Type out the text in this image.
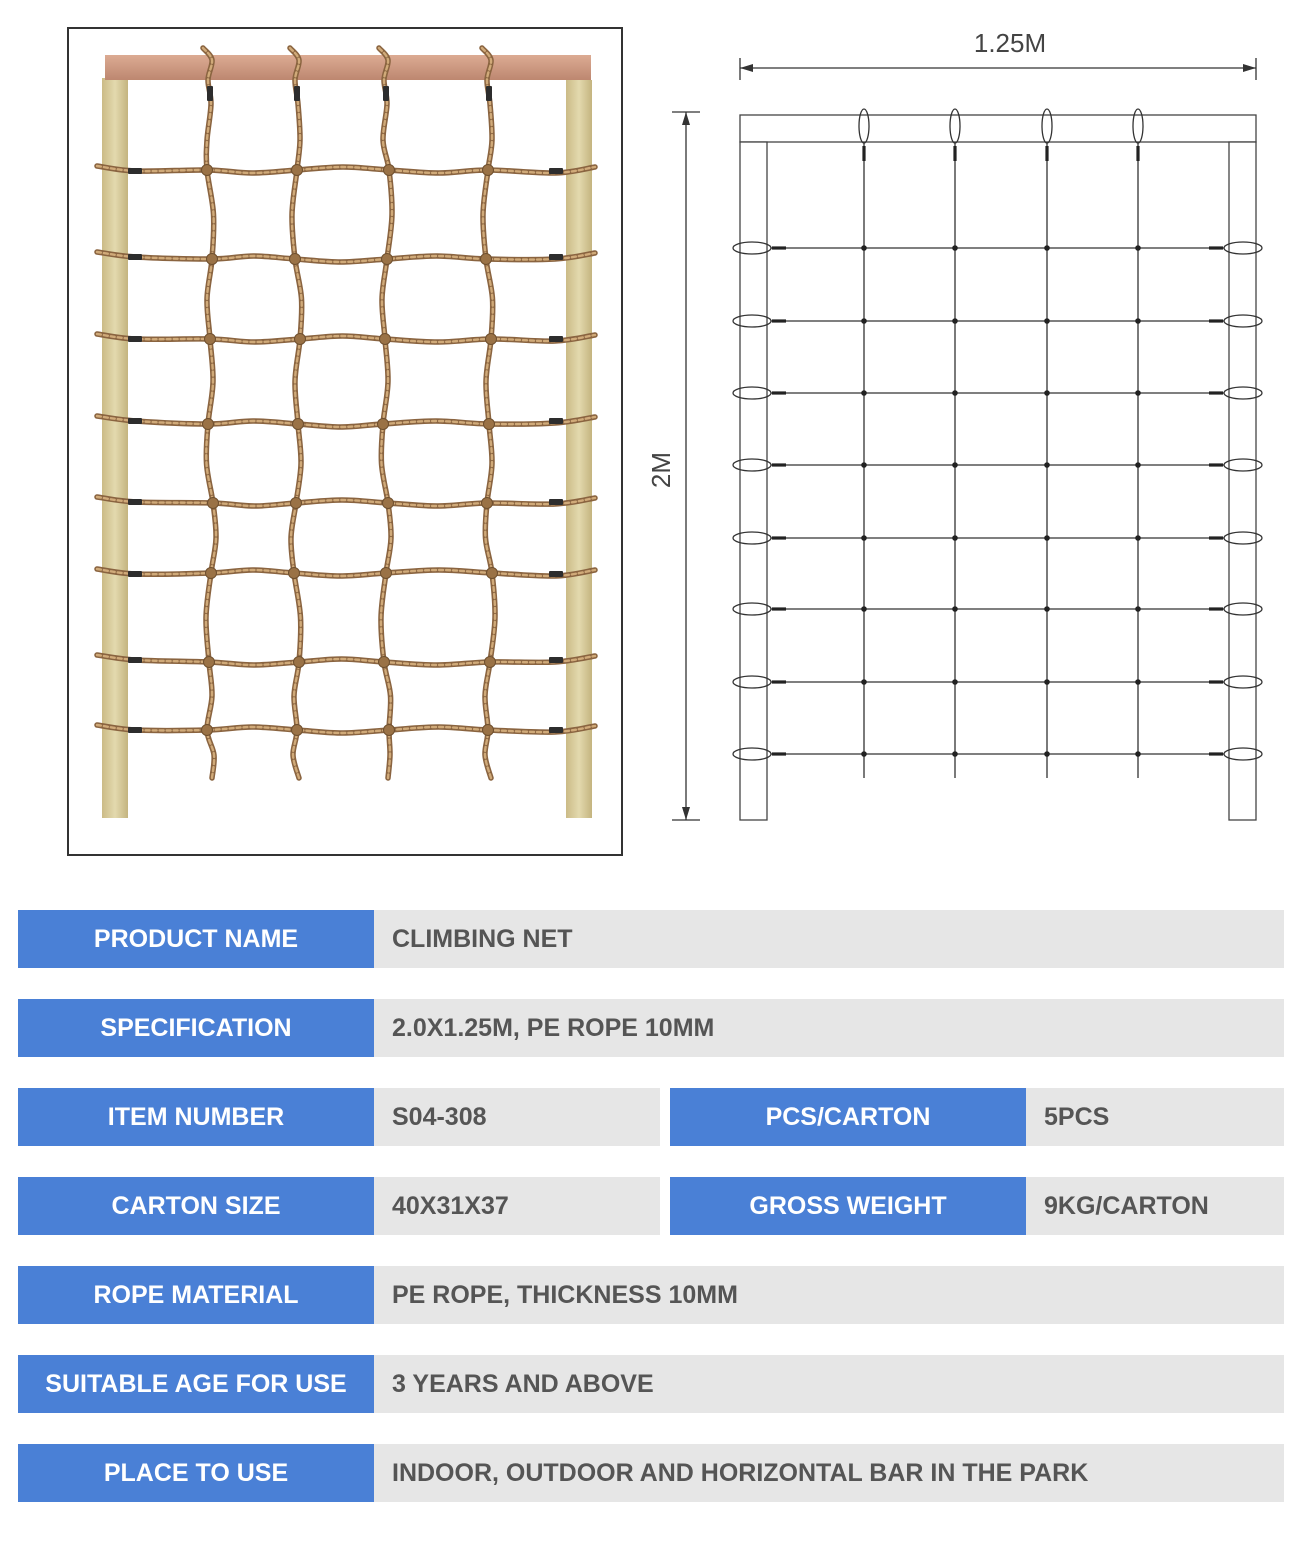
1.25M
2M
PRODUCT NAME	CLIMBING NET
SPECIFICATION	2.0X1.25M, PE ROPE 10MM
ITEM NUMBER	S04-308	PCS/CARTON	5PCS
CARTON SIZE	40X31X37	GROSS WEIGHT	9KG/CARTON
ROPE MATERIAL	PE ROPE, THICKNESS 10MM
SUITABLE AGE FOR USE	3 YEARS AND ABOVE
PLACE TO USE	INDOOR, OUTDOOR AND HORIZONTAL BAR IN THE PARK
